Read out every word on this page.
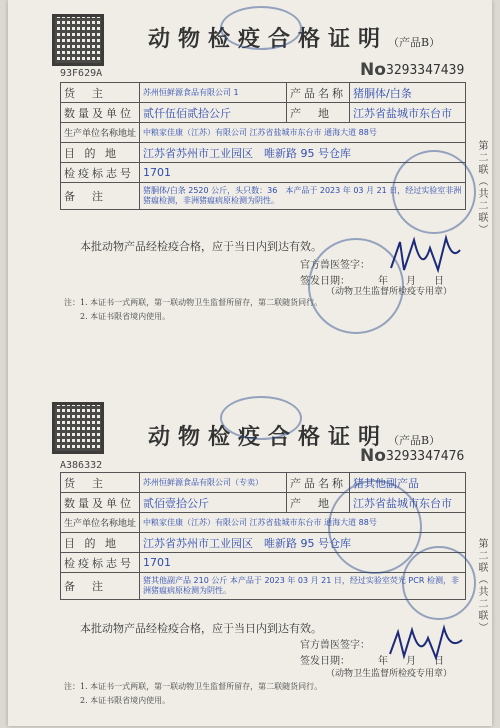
动物检疫合格证明（产品B）
93F629A	No 3293347439
货　主	苏州恒鲜源食品有限公司 1	产品名称	猪胴体/白条
数量及单位	贰仟伍佰贰拾公斤	产　地	江苏省盐城市东台市
生产单位名称地址	中粮家佳康（江苏）有限公司 江苏省盐城市东台市 通海大道 88号		
目 的 地	江苏省苏州市工业园区　唯新路 95 号仓库		
检疫标志号	1701		
备　注	猪胴体/白条 2520 公斤，头只数：36　本产品于 2023 年 03 月 21 日，经过实验室非洲猪瘟检测，非洲猪瘟病原检测为阴性。		
本批动物产品经检疫合格，应于当日内到达有效。
官方兽医签字：
签发日期：	年月日
（动物卫生监督所检疫专用章）
注：1. 本证书一式两联，第一联动物卫生监督所留存，第二联随货同行。
2. 本证书限省境内使用。
第二联（共二联）
动物检疫合格证明（产品B）
A386332	No 3293347476
货　主	苏州恒鲜源食品有限公司（专卖）	产品名称	猪其他副产品
数量及单位	贰佰壹拾公斤	产　地	江苏省盐城市东台市
生产单位名称地址	中粮家佳康（江苏）有限公司 江苏省盐城市东台市 通海大道 88号		
目 的 地	江苏省苏州市工业园区　唯新路 95 号仓库		
检疫标志号	1701		
备　注	猪其他副产品 210 公斤 本产品于 2023 年 03 月 21 日，经过实验室荧光 PCR 检测，非洲猪瘟病原检测为阴性。		
本批动物产品经检疫合格，应于当日内到达有效。
官方兽医签字：
签发日期：	年月日
（动物卫生监督所检疫专用章）
注：1. 本证书一式两联，第一联动物卫生监督所留存，第二联随货同行。
2. 本证书限省境内使用。
第二联（共二联）
